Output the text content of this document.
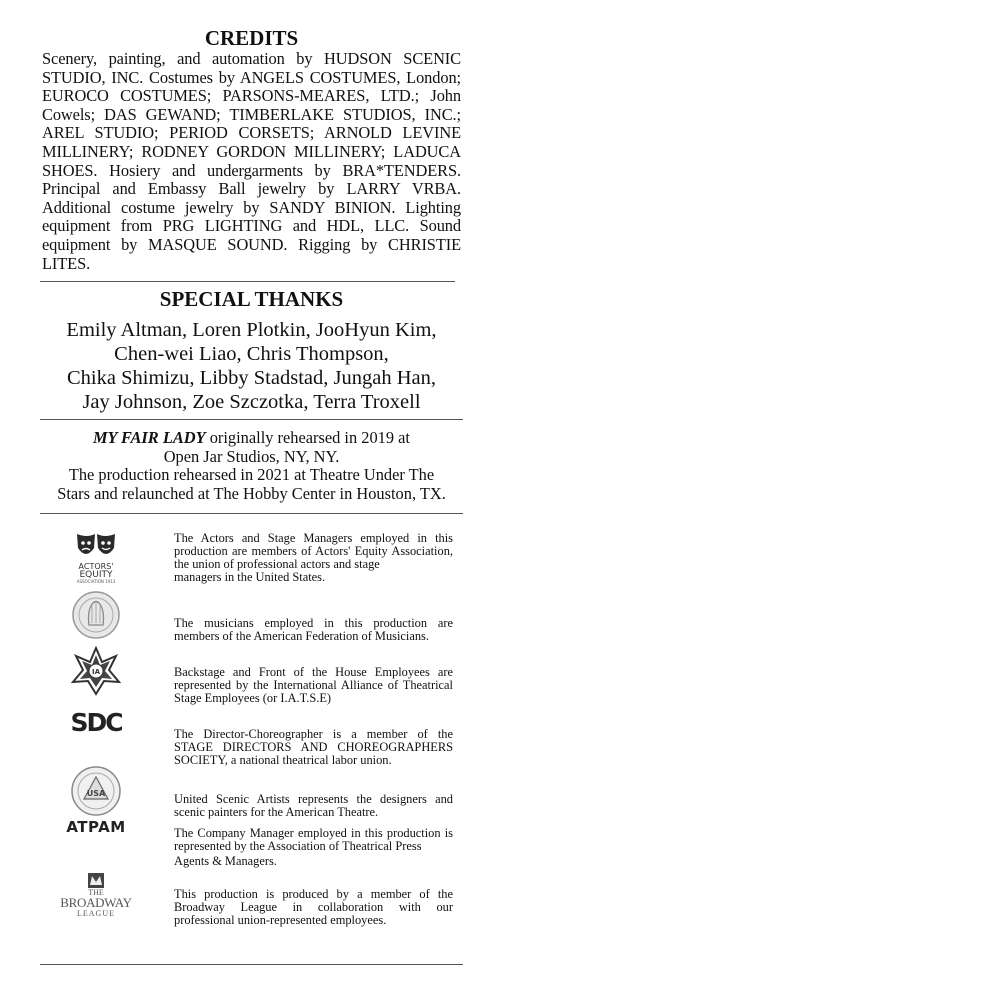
CREDITS

Scenery, painting, and automation by HUDSON SCENIC STUDIO, INC. Costumes by ANGELS COSTUMES, London; EUROCO COSTUMES; PARSONS-MEARES, LTD.; John Cowels; DAS GEWAND; TIMBERLAKE STUDIOS, INC.; AREL STUDIO; PERIOD CORSETS; ARNOLD LEVINE MILLINERY; RODNEY GORDON MILLINERY; LADUCA SHOES. Hosiery and undergarments by BRA*TENDERS. Principal and Embassy Ball jewelry by LARRY VRBA. Additional costume jewelry by SANDY BINION. Lighting equipment from PRG LIGHTING and HDL, LLC. Sound equipment by MASQUE SOUND. Rigging by CHRISTIE LITES.

SPECIAL THANKS
Emily Altman, Loren Plotkin, JooHyun Kim,
Chen-wei Liao, Chris Thompson,
Chika Shimizu, Libby Stadstad, Jungah Han,
Jay Johnson, Zoe Szczotka, Terra Troxell
MY FAIR LADY originally rehearsed in 2019 at
Open Jar Studios, NY, NY.
The production rehearsed in 2021 at Theatre Under The
Stars and relaunched at The Hobby Center in Houston, TX.
ACTORS'
EQUITY
ASSOCIATION 1913
The Actors and Stage Managers employed in this production are members of Actors' Equity Association, the union of professional actors and stage
managers in the United States.
The musicians employed in this production are members of the American Federation of Musicians.
IA	Backstage and Front of the House Employees are represented by the International Alliance of Theatrical Stage Employees (or I.A.T.S.E)
SDC	The Director-Choreographer is a member of the STAGE DIRECTORS AND CHOREOGRAPHERS SOCIETY, a national theatrical labor union.
USA	United Scenic Artists represents the designers and scenic painters for the American Theatre.
ATPAM	The Company Manager employed in this production is represented by the Association of Theatrical Press
Agents & Managers.
THE
BROADWAY
LEAGUE
This production is produced by a member of the Broadway League in collaboration with our professional union-represented employees.
